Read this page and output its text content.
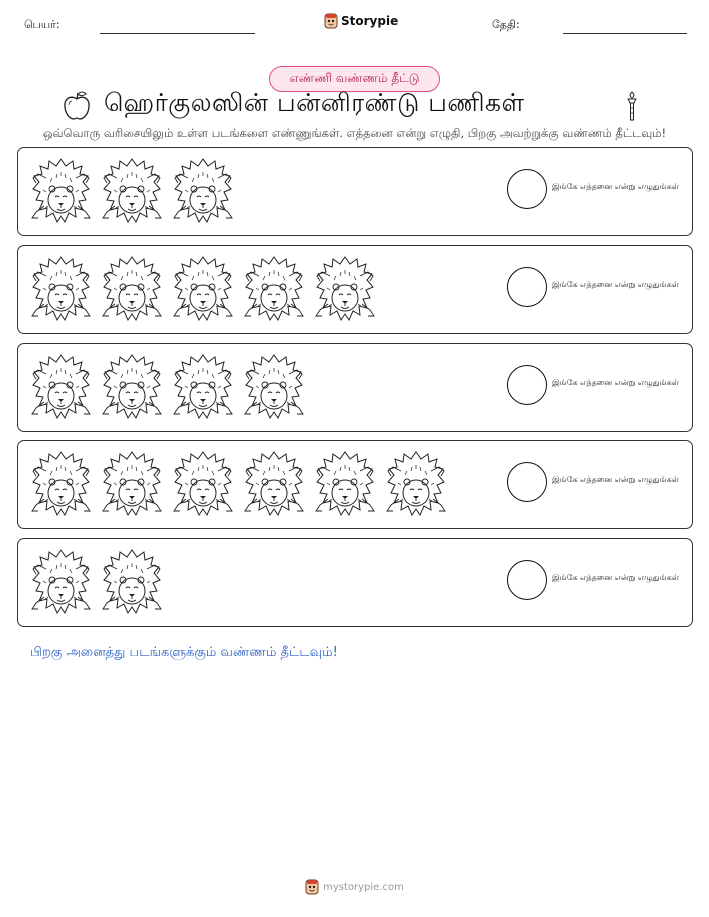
பெயர்:	Storypie	தேதி:
எண்ணி வண்ணம் தீட்டு
ஹெர்குலஸின் பன்னிரண்டு பணிகள்
ஒவ்வொரு வரிசையிலும் உள்ள படங்களை எண்ணுங்கள். எத்தனை என்று எழுதி, பிறகு அவற்றுக்கு வண்ணம் தீட்டவும்!
இங்கே எத்தனை என்று எழுதுங்கள்
இங்கே எத்தனை என்று எழுதுங்கள்
இங்கே எத்தனை என்று எழுதுங்கள்
இங்கே எத்தனை என்று எழுதுங்கள்
இங்கே எத்தனை என்று எழுதுங்கள்
பிறகு அனைத்து படங்களுக்கும் வண்ணம் தீட்டவும்!
mystorypie.com
